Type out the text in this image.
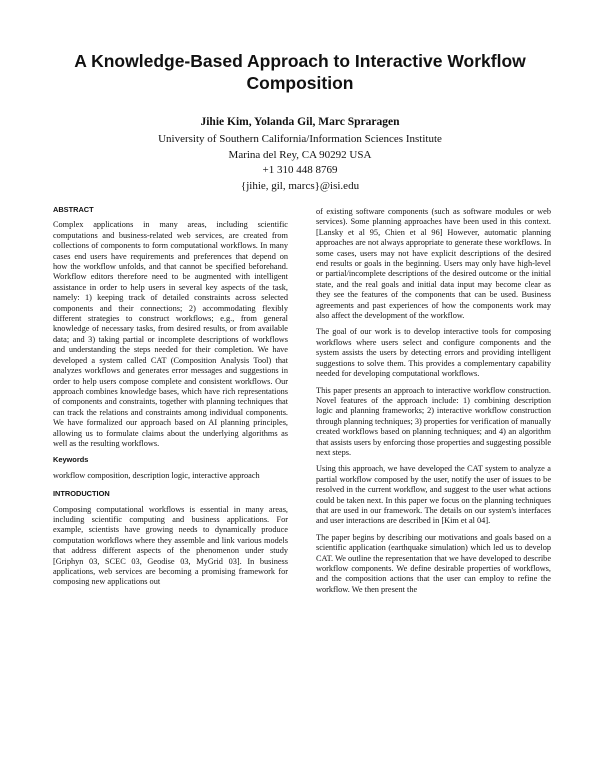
A Knowledge-Based Approach to Interactive Workflow Composition
Jihie Kim, Yolanda Gil, Marc Spraragen
University of Southern California/Information Sciences Institute
Marina del Rey, CA 90292 USA
+1 310 448 8769
{jihie, gil, marcs}@isi.edu
ABSTRACT

Complex applications in many areas, including scientific computations and business-related web services, are created from collections of components to form computational workflows. In many cases end users have requirements and preferences that depend on how the workflow unfolds, and that cannot be specified beforehand. Workflow editors therefore need to be augmented with intelligent assistance in order to help users in several key aspects of the task, namely: 1) keeping track of detailed constraints across selected components and their connections; 2) accommodating flexibly different strategies to construct workflows; e.g., from general knowledge of necessary tasks, from desired results, or from available data; and 3) taking partial or incomplete descriptions of workflows and understanding the steps needed for their completion. We have developed a system called CAT (Composition Analysis Tool) that analyzes workflows and generates error messages and suggestions in order to help users compose complete and consistent workflows. Our approach combines knowledge bases, which have rich representations of components and constraints, together with planning techniques that can track the relations and constraints among individual components. We have formalized our approach based on AI planning principles, allowing us to formulate claims about the underlying algorithms as well as the resulting workflows.

Keywords

workflow composition, description logic, interactive approach

INTRODUCTION

Composing computational workflows is essential in many areas, including scientific computing and business applications. For example, scientists have growing needs to dynamically produce computation workflows where they assemble and link various models that address different aspects of the phenomenon under study [Griphyn 03, SCEC 03, Geodise 03, MyGrid 03]. In business applications, web services are becoming a promising framework for composing new applications out

of existing software components (such as software modules or web services). Some planning approaches have been used in this context. [Lansky et al 95, Chien et al 96] However, automatic planning approaches are not always appropriate to generate these workflows. In some cases, users may not have explicit descriptions of the desired end results or goals in the beginning. Users may only have high-level or partial/incomplete descriptions of the desired outcome or the initial state, and the real goals and initial data input may become clear as they see the features of the components that can be used. Business agreements and past experiences of how the components work may also affect the development of the workflow.

The goal of our work is to develop interactive tools for composing workflows where users select and configure components and the system assists the users by detecting errors and providing intelligent suggestions to solve them. This provides a complementary capability needed for developing computational workflows.

This paper presents an approach to interactive workflow construction. Novel features of the approach include: 1) combining description logic and planning frameworks; 2) interactive workflow construction through planning techniques; 3) properties for verification of manually created workflows based on planning techniques; and 4) an algorithm that assists users by enforcing those properties and suggesting possible next steps.

Using this approach, we have developed the CAT system to analyze a partial workflow composed by the user, notify the user of issues to be resolved in the current workflow, and suggest to the user what actions could be taken next. In this paper we focus on the planning techniques that are used in our framework. The details on our system's interfaces and user interactions are described in [Kim et al 04].

The paper begins by describing our motivations and goals based on a scientific application (earthquake simulation) which led us to develop CAT. We outline the representation that we have developed to describe workflow components. We define desirable properties of workflows, and the composition actions that the user can employ to refine the workflow. We then present the
